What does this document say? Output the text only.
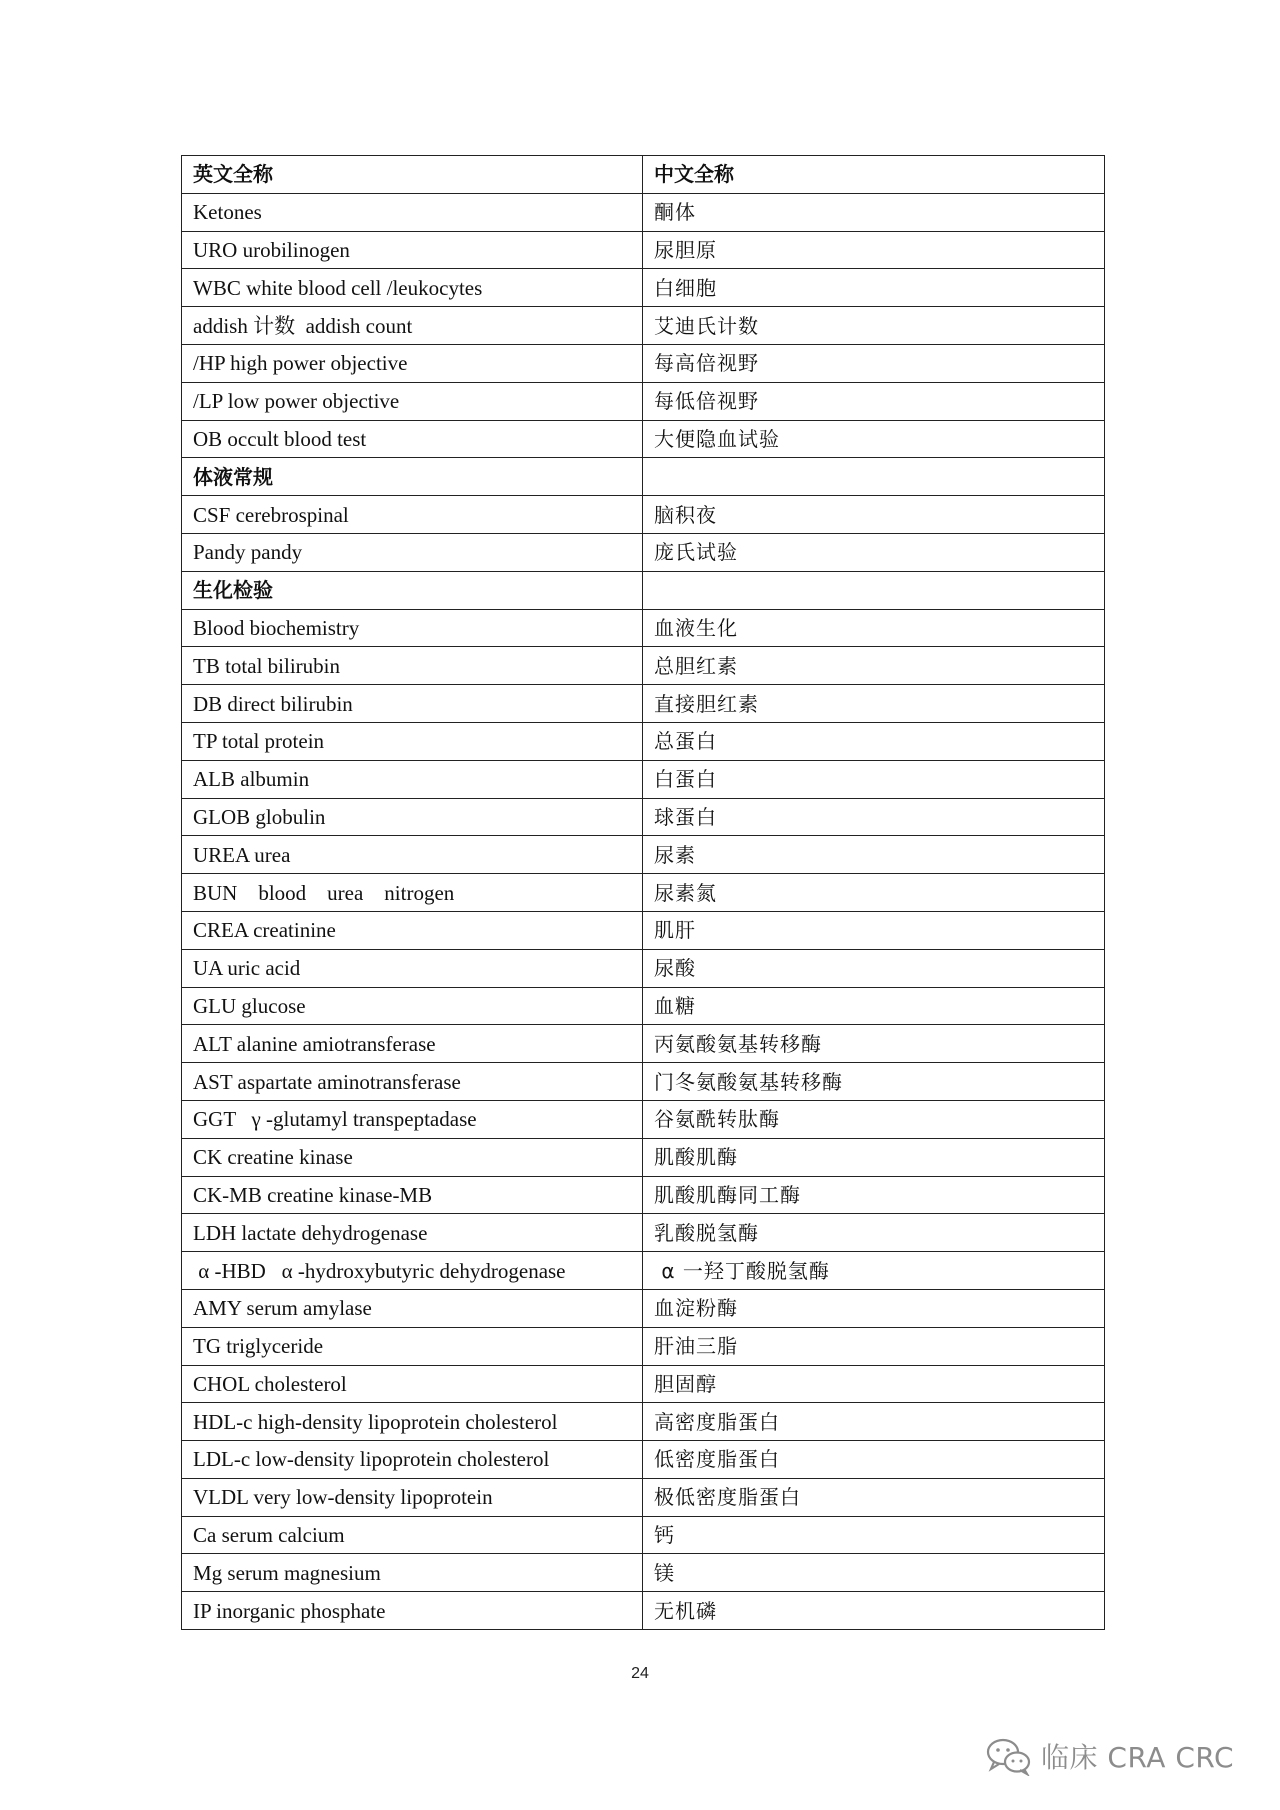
英文全称	中文全称
Ketones	酮体
URO urobilinogen	尿胆原
WBC white blood cell /leukocytes	白细胞
addish 计数  addish count	艾迪氏计数
/HP high power objective	每高倍视野
/LP low power objective	每低倍视野
OB occult blood test	大便隐血试验
体液常规	
CSF cerebrospinal	脑积夜
Pandy pandy	庞氏试验
生化检验	
Blood biochemistry	血液生化
TB total bilirubin	总胆红素
DB direct bilirubin	直接胆红素
TP total protein	总蛋白
ALB albumin	白蛋白
GLOB globulin	球蛋白
UREA urea	尿素
BUN    blood    urea    nitrogen	尿素氮
CREA creatinine	肌肝
UA uric acid	尿酸
GLU glucose	血糖
ALT alanine amiotransferase	丙氨酸氨基转移酶
AST aspartate aminotransferase	门冬氨酸氨基转移酶
GGT   γ -glutamyl transpeptadase	谷氨酰转肽酶
CK creatine kinase	肌酸肌酶
CK-MB creatine kinase-MB	肌酸肌酶同工酶
LDH lactate dehydrogenase	乳酸脱氢酶
α -HBD   α -hydroxybutyric dehydrogenase	α 一羟丁酸脱氢酶
AMY serum amylase	血淀粉酶
TG triglyceride	肝油三脂
CHOL cholesterol	胆固醇
HDL-c high-density lipoprotein cholesterol	高密度脂蛋白
LDL-c low-density lipoprotein cholesterol	低密度脂蛋白
VLDL very low-density lipoprotein	极低密度脂蛋白
Ca serum calcium	钙
Mg serum magnesium	镁
IP inorganic phosphate	无机磷
24
临床 CRA CRC
